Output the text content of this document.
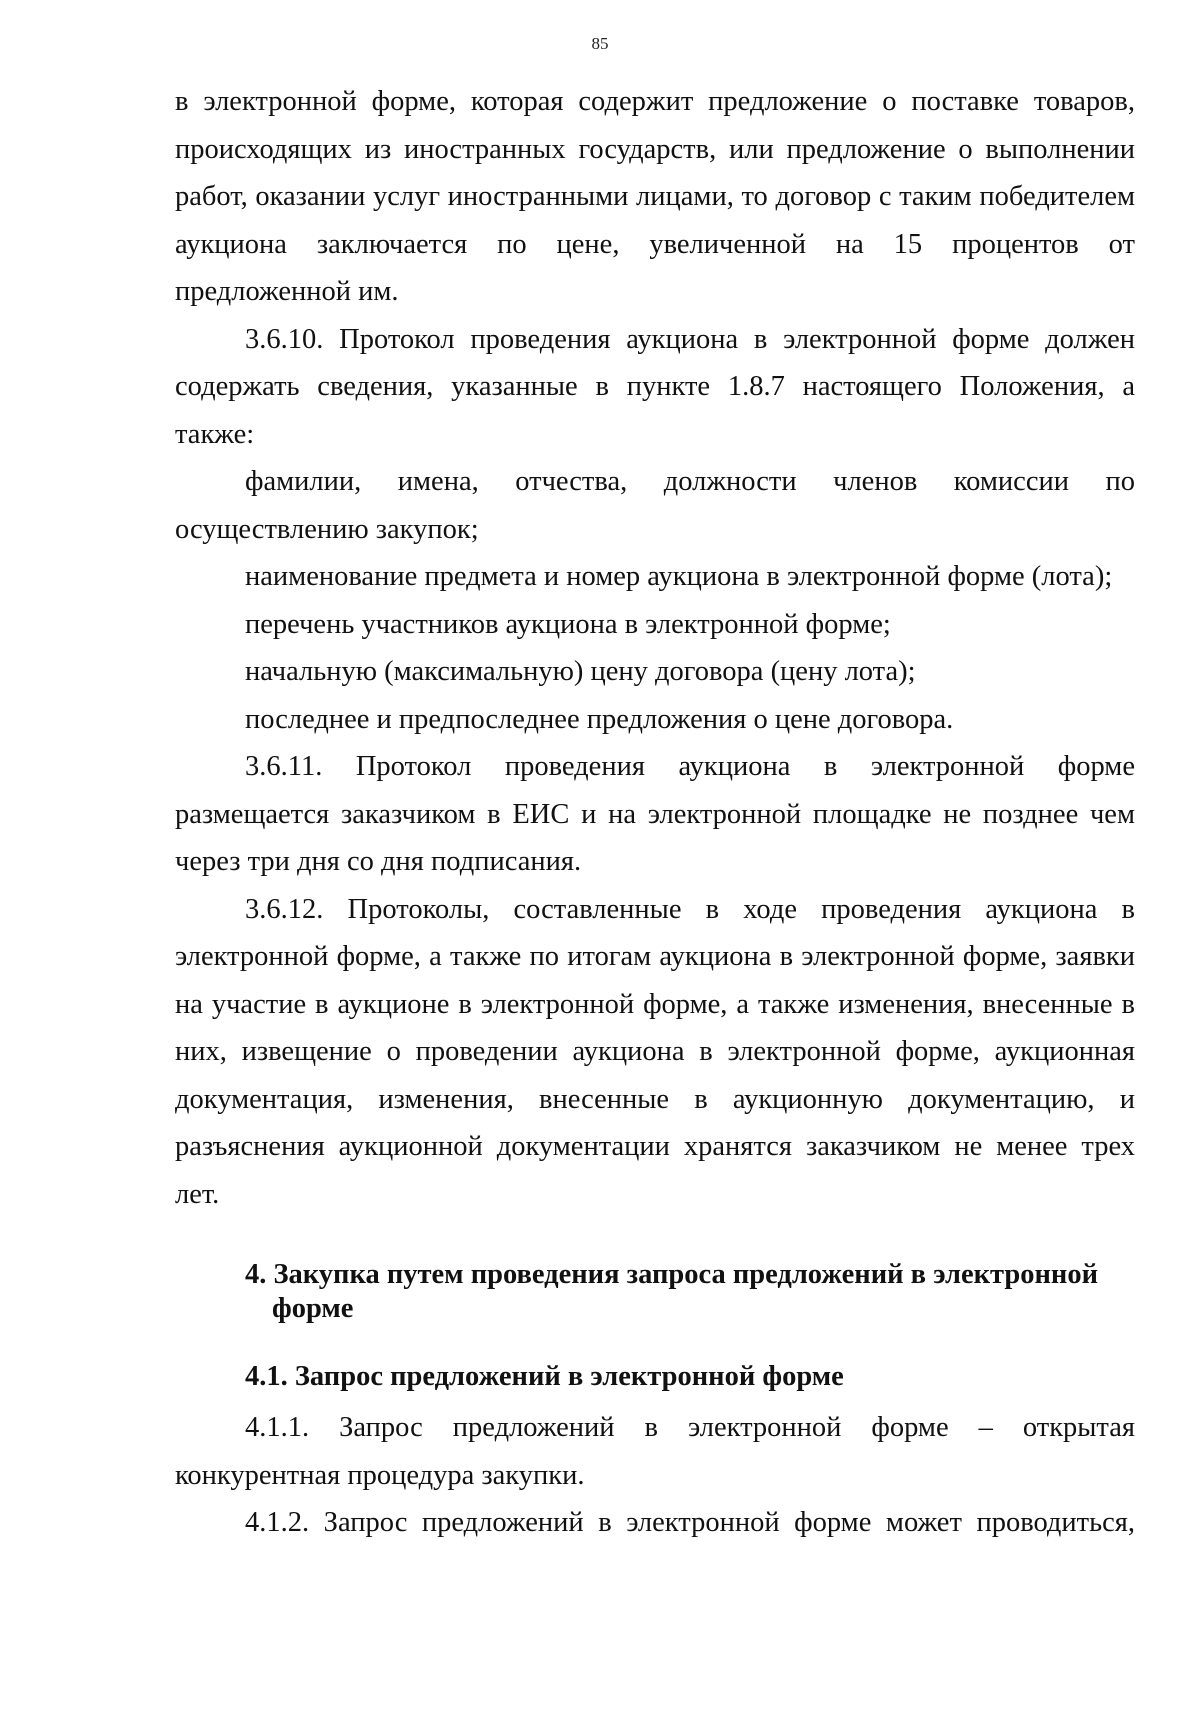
85

в электронной форме, которая содержит предложение о поставке товаров, происходящих из иностранных государств, или предложение о выполнении работ, оказании услуг иностранными лицами, то договор с таким победителем аукциона заключается по цене, увеличенной на 15 процентов от предложенной им.

3.6.10. Протокол проведения аукциона в электронной форме должен содержать сведения, указанные в пункте 1.8.7 настоящего Положения, а также:

фамилии, имена, отчества, должности членов комиссии по осуществлению закупок;

наименование предмета и номер аукциона в электронной форме (лота);

перечень участников аукциона в электронной форме;

начальную (максимальную) цену договора (цену лота);

последнее и предпоследнее предложения о цене договора.

3.6.11. Протокол проведения аукциона в электронной форме размещается заказчиком в ЕИС и на электронной площадке не позднее чем через три дня со дня подписания.

3.6.12. Протоколы, составленные в ходе проведения аукциона в электронной форме, а также по итогам аукциона в электронной форме, заявки на участие в аукционе в электронной форме, а также изменения, внесенные в них, извещение о проведении аукциона в электронной форме, аукционная документация, изменения, внесенные в аукционную документацию, и разъяснения аукционной документации хранятся заказчиком не менее трех лет.

4. Закупка путем проведения запроса предложений в электронной форме

4.1. Запрос предложений в электронной форме

4.1.1. Запрос предложений в электронной форме – открытая конкурентная процедура закупки.

4.1.2. Запрос предложений в электронной форме может проводиться,
